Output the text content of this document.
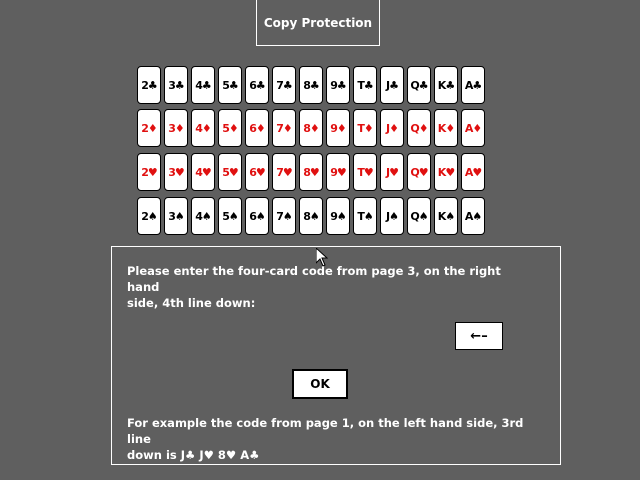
Copy Protection
2♣	3♣	4♣	5♣	6♣	7♣	8♣	9♣	T♣	J♣	Q♣ K♣ A♣
2♦	3♦	4♦	5♦	6♦	7♦	8♦	9♦	T♦	J♦	Q♦ K♦ A♦
2♥	3♥	4♥	5♥	6♥	7♥	8♥	9♥	T♥	J♥	Q♥ K♥ A♥
2♠	3♠	4♠	5♠	6♠	7♠	8♠	9♠	T♠	J♠	Q♠ K♠ A♠
Please enter the four-card code from page 3, on the right hand
side, 4th line down:
←–
OK
For example the code from page 1, on the left hand side, 3rd line
down is J♣ J♥ 8♥ A♣
